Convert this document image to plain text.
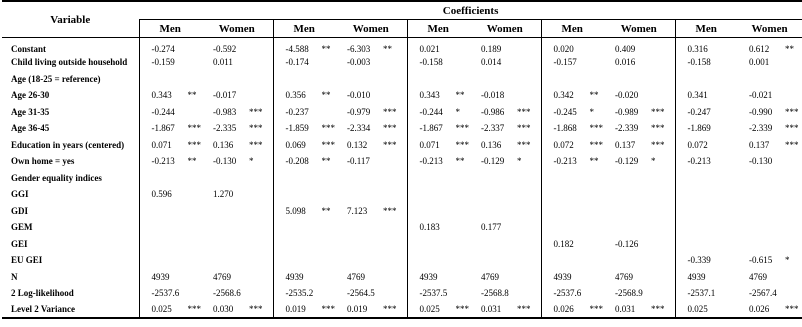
Variable	Coefficients									
	Men	Women	Men	Women	Men	Women	Men	Women	Men	Women
Constant	-0.274	-0.592	-4.588 **	-6.303 **	0.021	0.189	0.020	0.409	0.316	0.612 **
Child living outside household	-0.159	0.011	-0.174	-0.003	-0.158	0.014	-0.157	0.016	-0.158	0.001
Age (18-25 = reference)										
Age 26-30	0.343 **	-0.017	0.356 **	-0.010	0.343 **	-0.018	0.342 **	-0.020	0.341	-0.021
Age 31-35	-0.244	-0.983 ***	-0.237	-0.979 ***	-0.244 *	-0.986 ***	-0.245 *	-0.989 ***	-0.247	-0.990 ***
Age 36-45	-1.867 ***	-2.335 ***	-1.859 ***	-2.334 ***	-1.867 ***	-2.337 ***	-1.868 ***	-2.339 ***	-1.869	-2.339 ***
Education in years (centered)	0.071 ***	0.136 ***	0.069 ***	0.132 ***	0.071 ***	0.136 ***	0.072 ***	0.137 ***	0.072	0.137 ***
Own home = yes	-0.213 **	-0.130 *	-0.208 **	-0.117	-0.213 **	-0.129 *	-0.213 **	-0.129 *	-0.213	-0.130
Gender equality indices										
GGI	0.596	1.270								
GDI			5.098 **	7.123 ***						
GEM					0.183	0.177				
GEI							0.182	-0.126		
EU GEI									-0.339	-0.615 *
N	4939	4769	4939	4769	4939	4769	4939	4769	4939	4769
2 Log-likelihood	-2537.6	-2568.6	-2535.2	-2564.5	-2537.5	-2568.8	-2537.6	-2568.9	-2537.1	-2567.4
Level 2 Variance	0.025 ***	0.030 ***	0.019 ***	0.019 ***	0.025 ***	0.031 ***	0.026 ***	0.031 ***	0.025	0.026 ***
